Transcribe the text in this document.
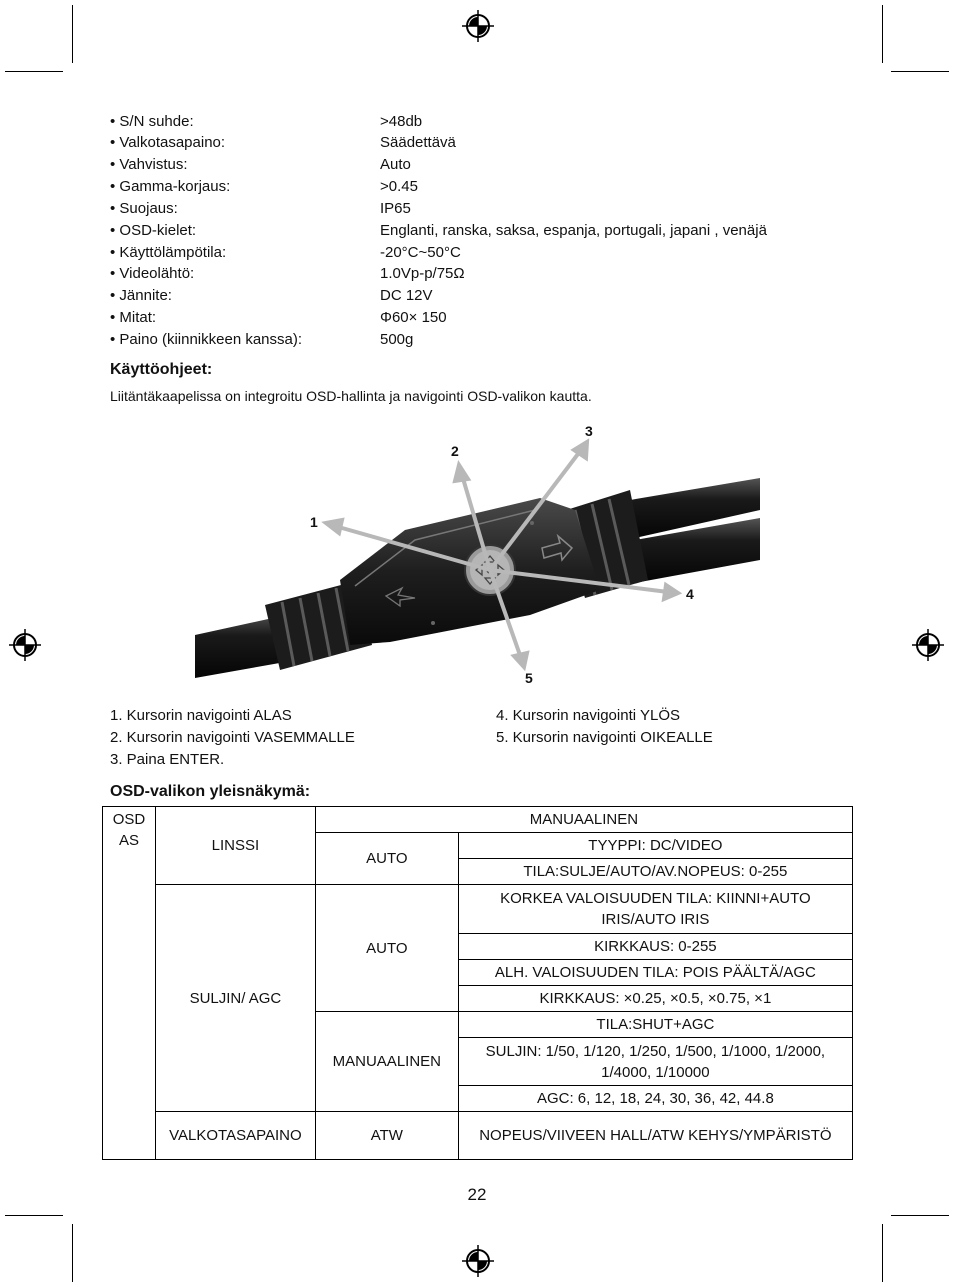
• S/N suhde:	>48db
• Valkotasapaino:	Säädettävä
• Vahvistus:	Auto
• Gamma-korjaus:	>0.45
• Suojaus:	IP65
• OSD-kielet:	Englanti, ranska, saksa, espanja, portugali, japani , venäjä
• Käyttölämpötila:	-20°C~50°C
• Videolähtö:	1.0Vp-p/75Ω
• Jännite:	DC 12V
• Mitat:	Φ60× 150
• Paino (kiinnikkeen kanssa):	500g
Käyttöohjeet:
Liitäntäkaapelissa on integroitu OSD-hallinta ja navigointi OSD-valikon kautta.
1
2
3
4
5
1. Kursorin navigointi ALAS
2. Kursorin navigointi VASEMMALLE
3. Paina ENTER.
4. Kursorin navigointi YLÖS
5. Kursorin navigointi OIKEALLE
OSD-valikon yleisnäkymä:
OSD AS	LINSSI	MANUAALINEN	
		AUTO	TYYPPI: DC/VIDEO
			TILA:SULJE/AUTO/AV.NOPEUS: 0-255
	SULJIN/ AGC	AUTO	KORKEA VALOISUUDEN TILA: KIINNI+AUTO IRIS/AUTO IRIS
			KIRKKAUS: 0-255
			ALH. VALOISUUDEN TILA: POIS PÄÄLTÄ/AGC
			KIRKKAUS: ×0.25, ×0.5, ×0.75, ×1
		MANUAALINEN	TILA:SHUT+AGC
			SULJIN: 1/50, 1/120, 1/250, 1/500, 1/1000, 1/2000, 1/4000, 1/10000
			AGC: 6, 12, 18, 24, 30, 36, 42, 44.8
	VALKOTASAPAINO	ATW	NOPEUS/VIIVEEN HALL/ATW KEHYS/YMPÄRISTÖ
22
